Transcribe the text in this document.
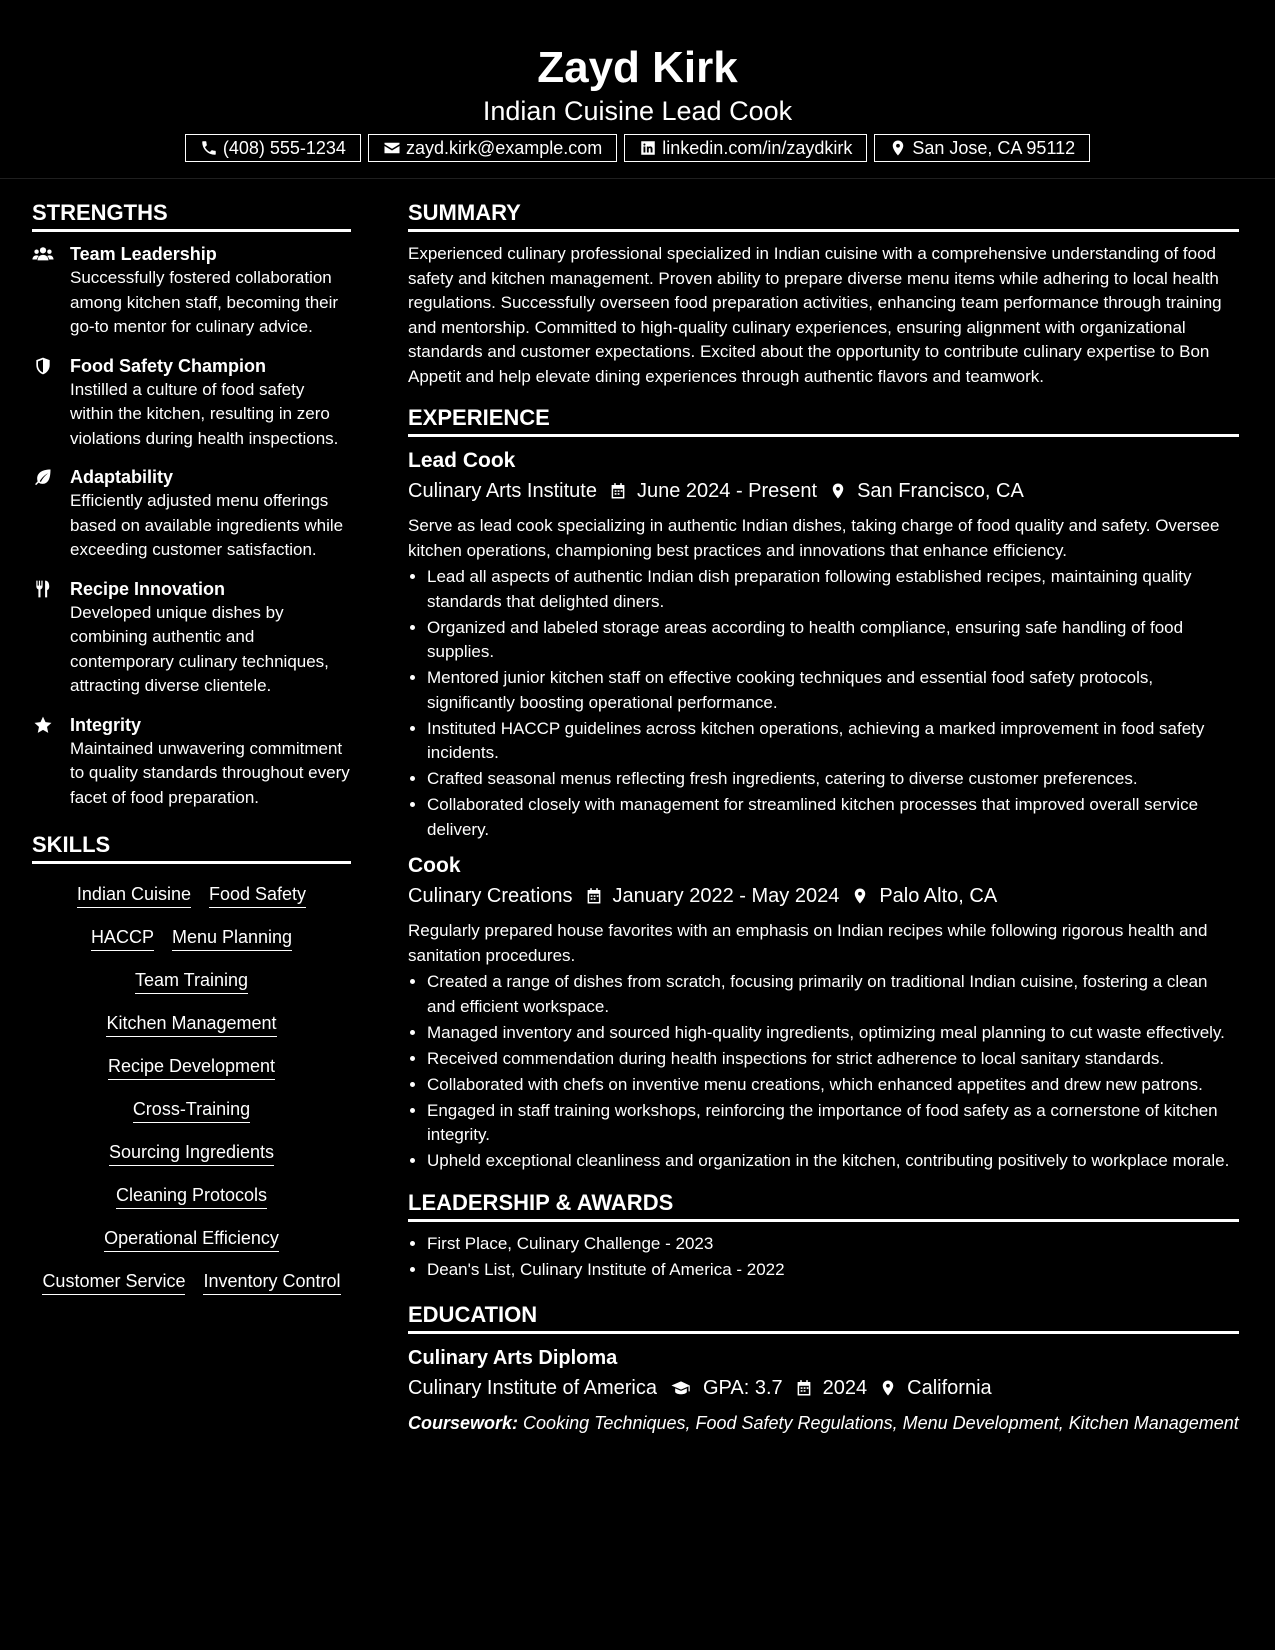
Zayd Kirk
Indian Cuisine Lead Cook
(408) 555-1234	zayd.kirk@example.com	linkedin.com/in/zaydkirk	San Jose, CA 95112
STRENGTHS
Team Leadership
Successfully fostered collaboration among kitchen staff, becoming their go-to mentor for culinary advice.
Food Safety Champion
Instilled a culture of food safety within the kitchen, resulting in zero violations during health inspections.
Adaptability
Efficiently adjusted menu offerings based on available ingredients while exceeding customer satisfaction.
Recipe Innovation
Developed unique dishes by combining authentic and contemporary culinary techniques, attracting diverse clientele.
Integrity
Maintained unwavering commitment to quality standards throughout every facet of food preparation.
SKILLS
Indian Cuisine Food Safety
HACCP Menu Planning
Team Training
Kitchen Management
Recipe Development
Cross-Training
Sourcing Ingredients
Cleaning Protocols
Operational Efficiency
Customer Service Inventory Control
SUMMARY

Experienced culinary professional specialized in Indian cuisine with a comprehensive understanding of food safety and kitchen management. Proven ability to prepare diverse menu items while adhering to local health regulations. Successfully overseen food preparation activities, enhancing team performance through training and mentorship. Committed to high-quality culinary experiences, ensuring alignment with organizational standards and customer expectations. Excited about the opportunity to contribute culinary expertise to Bon Appetit and help elevate dining experiences through authentic flavors and teamwork.

EXPERIENCE
Lead Cook
Culinary Arts Institute June 2024 - Present San Francisco, CA

Serve as lead cook specializing in authentic Indian dishes, taking charge of food quality and safety. Oversee kitchen operations, championing best practices and innovations that enhance efficiency.

• Lead all aspects of authentic Indian dish preparation following established recipes, maintaining quality standards that delighted diners.
• Organized and labeled storage areas according to health compliance, ensuring safe handling of food supplies.
• Mentored junior kitchen staff on effective cooking techniques and essential food safety protocols, significantly boosting operational performance.
• Instituted HACCP guidelines across kitchen operations, achieving a marked improvement in food safety incidents.
• Crafted seasonal menus reflecting fresh ingredients, catering to diverse customer preferences.
• Collaborated closely with management for streamlined kitchen processes that improved overall service delivery.
Cook
Culinary Creations January 2022 - May 2024 Palo Alto, CA

Regularly prepared house favorites with an emphasis on Indian recipes while following rigorous health and sanitation procedures.

• Created a range of dishes from scratch, focusing primarily on traditional Indian cuisine, fostering a clean and efficient workspace.
• Managed inventory and sourced high-quality ingredients, optimizing meal planning to cut waste effectively.
• Received commendation during health inspections for strict adherence to local sanitary standards.
• Collaborated with chefs on inventive menu creations, which enhanced appetites and drew new patrons.
• Engaged in staff training workshops, reinforcing the importance of food safety as a cornerstone of kitchen integrity.
• Upheld exceptional cleanliness and organization in the kitchen, contributing positively to workplace morale.
LEADERSHIP & AWARDS
• First Place, Culinary Challenge - 2023
• Dean's List, Culinary Institute of America - 2022
EDUCATION
Culinary Arts Diploma
Culinary Institute of America GPA: 3.7 2024 California
Coursework: Cooking Techniques, Food Safety Regulations, Menu Development, Kitchen Management
